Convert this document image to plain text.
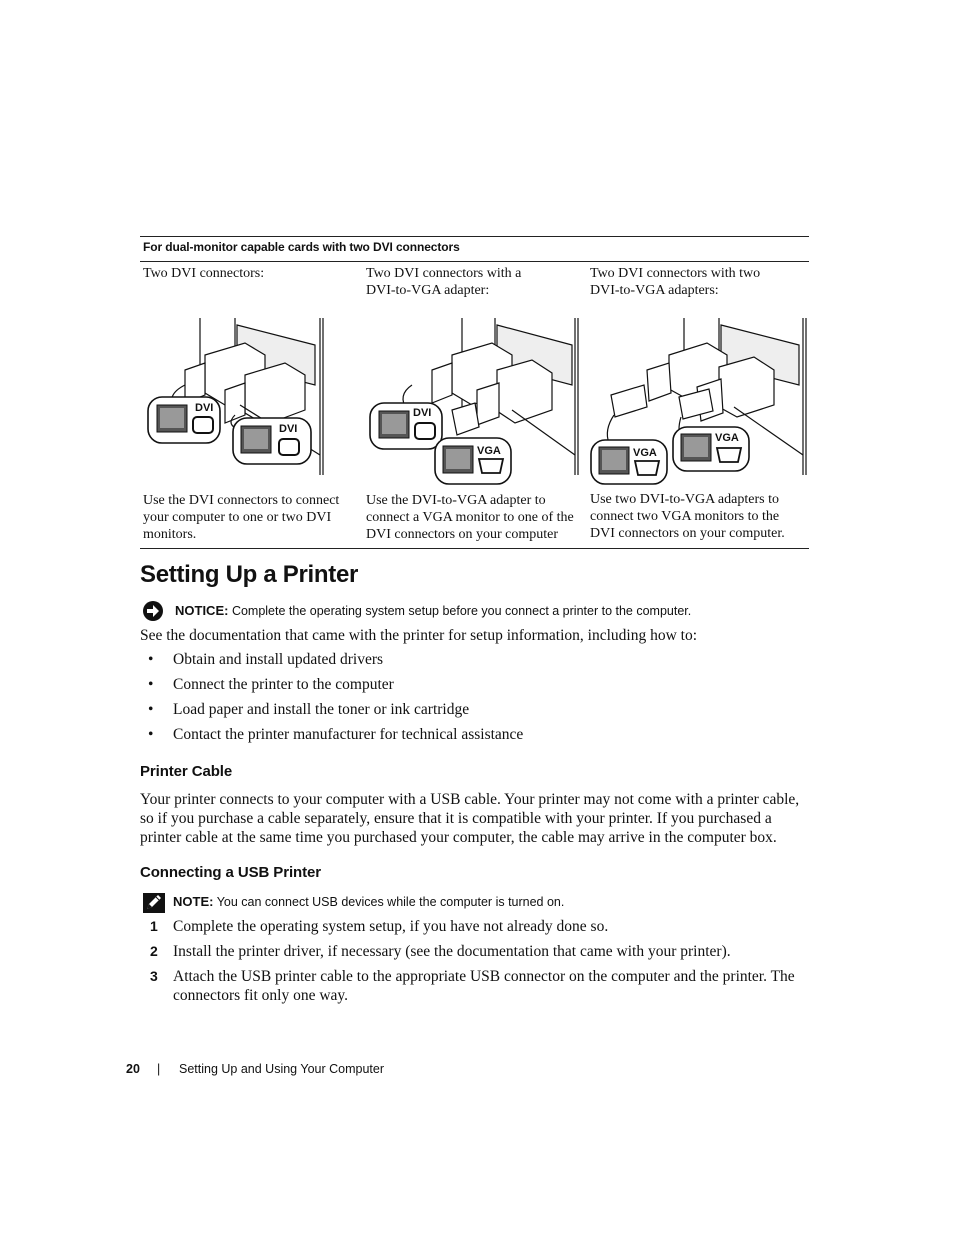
For dual-monitor capable cards with two DVI connectors
Two DVI connectors:	Two DVI connectors with a DVI-to-VGA adapter:
Two DVI connectors with two DVI-to-VGA adapters:
DVI
DVI
DVI
VGA	VGA
VGA
Use the DVI connectors to connect your computer to one or two DVI monitors.
Use the DVI-to-VGA adapter to connect a VGA monitor to one of the DVI connectors on your computer
Use two DVI-to-VGA adapters to connect two VGA monitors to the DVI connectors on your computer.
Setting Up a Printer
NOTICE: Complete the operating system setup before you connect a printer to the computer.
See the documentation that came with the printer for setup information, including how to:
• Obtain and install updated drivers
• Connect the printer to the computer
• Load paper and install the toner or ink cartridge
• Contact the printer manufacturer for technical assistance
Printer Cable
Your printer connects to your computer with a USB cable. Your printer may not come with a printer cable, so if you purchase a cable separately, ensure that it is compatible with your printer. If you purchased a printer cable at the same time you purchased your computer, the cable may arrive in the computer box.
Connecting a USB Printer
NOTE: You can connect USB devices while the computer is turned on.
1 Complete the operating system setup, if you have not already done so.
2 Install the printer driver, if necessary (see the documentation that came with your printer).
3 Attach the USB printer cable to the appropriate USB connector on the computer and the printer. The connectors fit only one way.
20 | Setting Up and Using Your Computer
